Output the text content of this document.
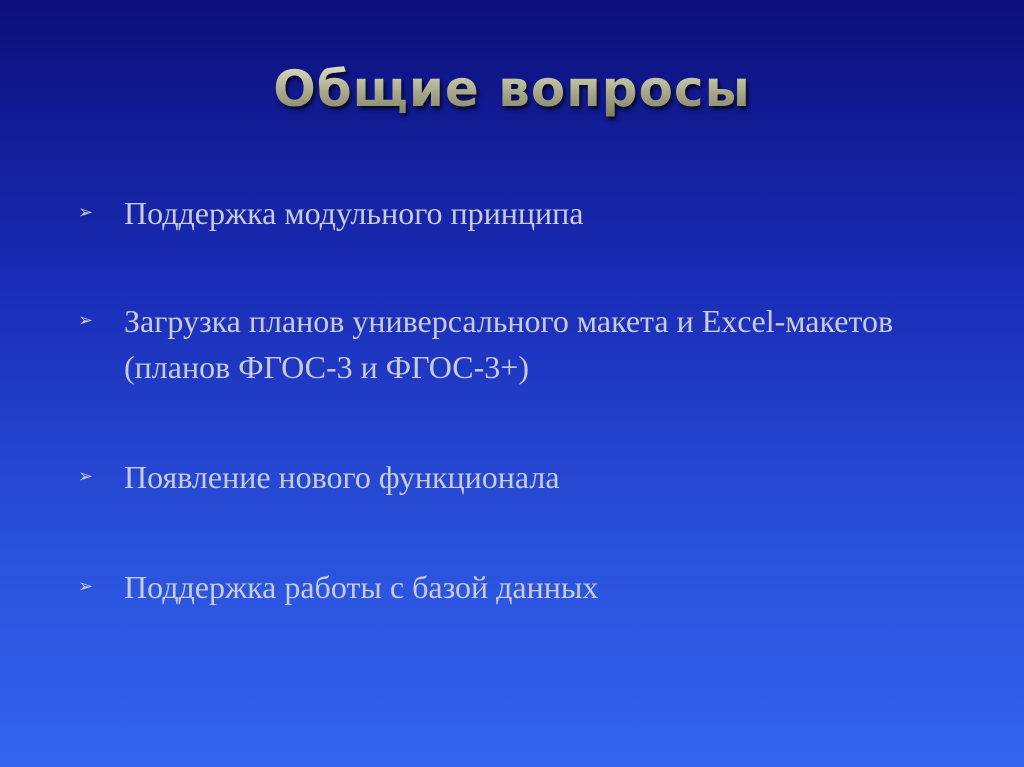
Общие вопросы
➢ Поддержка модульного принципа
➢ Загрузка планов универсального макета и Excel-макетов (планов ФГОС-3 и ФГОС-3+)
➢ Появление нового функционала
➢ Поддержка работы с базой данных
